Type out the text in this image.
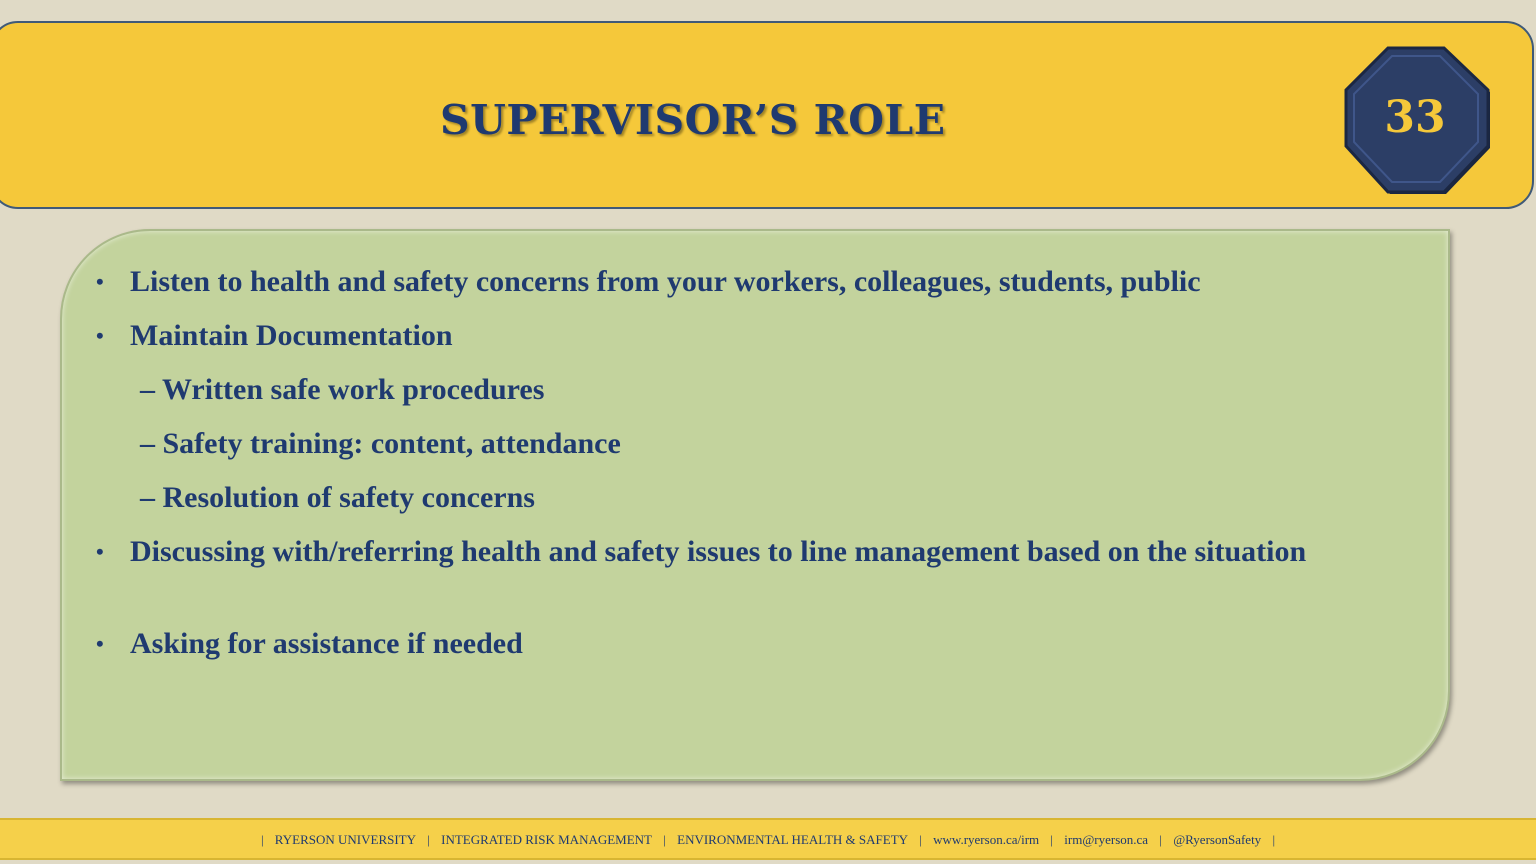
SUPERVISOR’S ROLE	33
• Listen to health and safety concerns from your workers, colleagues, students, public
• Maintain Documentation
– Written safe work procedures
– Safety training: content, attendance
– Resolution of safety concerns
• Discussing with/referring health and safety issues to line management based on the situation
• Asking for assistance if needed
| RYERSON UNIVERSITY | INTEGRATED RISK MANAGEMENT | ENVIRONMENTAL HEALTH & SAFETY | www.ryerson.ca/irm | irm@ryerson.ca | @RyersonSafety |
